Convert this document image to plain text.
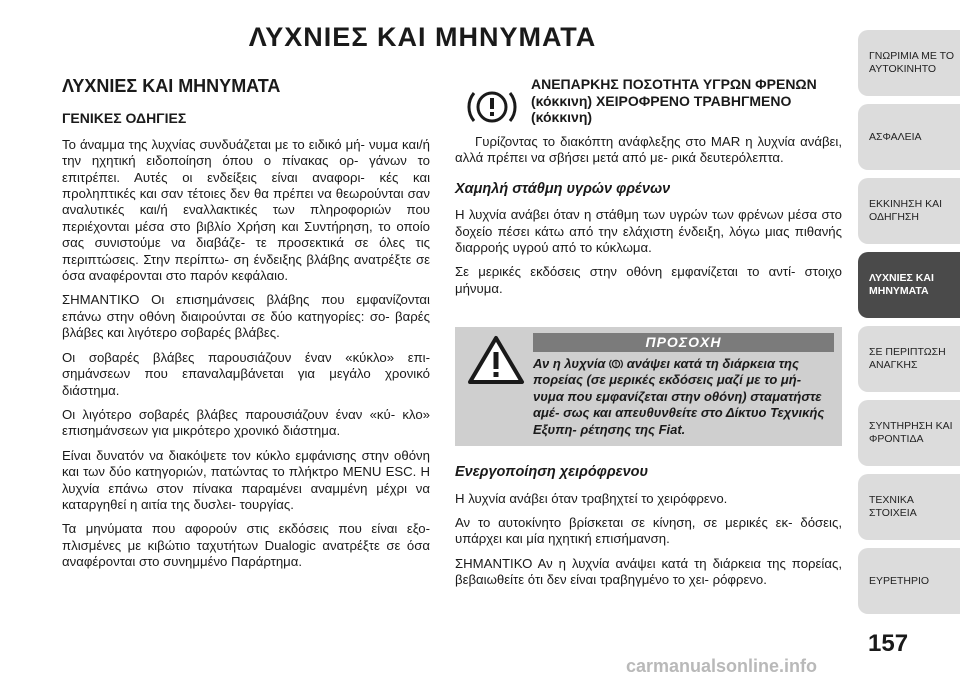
ΛΥΧΝΙΕΣ ΚΑΙ ΜΗΝΥΜΑΤΑ
ΛΥΧΝΙΕΣ ΚΑΙ ΜΗΝΥΜΑΤΑ
ΓΕΝΙΚΕΣ ΟΔΗΓΙΕΣ

Το άναμμα της λυχνίας συνδυάζεται με το ειδικό μή- νυμα και/ή την ηχητική ειδοποίηση όπου ο πίνακας ορ- γάνων το επιτρέπει. Αυτές οι ενδείξεις είναι αναφορι- κές και προληπτικές και σαν τέτοιες δεν θα πρέπει να θεωρούνται σαν αναλυτικές και/ή εναλλακτικές των πληροφοριών που περιέχονται μέσα στο βιβλίο Χρήση και Συντήρηση, το οποίο σας συνιστούμε να διαβάζε- τε προσεκτικά σε όλες τις περιπτώσεις. Στην περίπτω- ση ένδειξης βλάβης ανατρέξτε σε όσα αναφέρονται στο παρόν κεφάλαιο.

ΣΗΜΑΝΤΙΚΟ Οι επισημάνσεις βλάβης που εμφανίζονται επάνω στην οθόνη διαιρούνται σε δύο κατηγορίες: σο- βαρές βλάβες και λιγότερο σοβαρές βλάβες.

Οι σοβαρές βλάβες παρουσιάζουν έναν «κύκλο» επι- σημάνσεων που επαναλαμβάνεται για μεγάλο χρονικό διάστημα.

Οι λιγότερο σοβαρές βλάβες παρουσιάζουν έναν «κύ- κλο» επισημάνσεων για μικρότερο χρονικό διάστημα.

Είναι δυνατόν να διακόψετε τον κύκλο εμφάνισης στην οθόνη και των δύο κατηγοριών, πατώντας το πλήκτρο MENU ESC. Η λυχνία επάνω στον πίνακα παραμένει αναμμένη μέχρι να καταργηθεί η αιτία της δυσλει- τουργίας.

Τα μηνύματα που αφορούν στις εκδόσεις που είναι εξο- πλισμένες με κιβώτιο ταχυτήτων Dualogic ανατρέξτε σε όσα αναφέρονται στο συνημμένο Παράρτημα.

ΑΝΕΠΑΡΚΗΣ ΠΟΣΟΤΗΤΑ ΥΓΡΩΝ ΦΡΕΝΩΝ (κόκκινη) ΧΕΙΡΟΦΡΕΝΟ ΤΡΑΒΗΓΜΕΝΟ (κόκκινη)

Γυρίζοντας το διακόπτη ανάφλεξης στο MAR η λυχνία ανάβει, αλλά πρέπει να σβήσει μετά από με- ρικά δευτερόλεπτα.

Χαμηλή στάθμη υγρών φρένων

Η λυχνία ανάβει όταν η στάθμη των υγρών των φρένων μέσα στο δοχείο πέσει κάτω από την ελάχιστη ένδειξη, λόγω μιας πιθανής διαρροής υγρού από το κύκλωμα.

Σε μερικές εκδόσεις στην οθόνη εμφανίζεται το αντί- στοιχο μήνυμα.

ΠΡΟΣΟΧΗ
Αν η λυχνία ανάψει κατά τη διάρκεια της πορείας (σε μερικές εκδόσεις μαζί με το μή- νυμα που εμφανίζεται στην οθόνη) σταματήστε αμέ- σως και απευθυνθείτε στο Δίκτυο Τεχνικής Εξυπη- ρέτησης της Fiat.
Ενεργοποίηση χειρόφρενου

Η λυχνία ανάβει όταν τραβηχτεί το χειρόφρενο.

Αν το αυτοκίνητο βρίσκεται σε κίνηση, σε μερικές εκ- δόσεις, υπάρχει και μία ηχητική επισήμανση.

ΣΗΜΑΝΤΙΚΟ Αν η λυχνία ανάψει κατά τη διάρκεια της πορείας, βεβαιωθείτε ότι δεν είναι τραβηγμένο το χει- ρόφρενο.

ΓΝΩΡΙΜΙΑ ΜΕ ΤΟ
ΑΥΤΟΚΙΝΗΤΟ
ΑΣΦΑΛΕΙΑ
ΕΚΚΙΝΗΣΗ ΚΑΙ
ΟΔΗΓΗΣΗ
ΛΥΧΝΙΕΣ ΚΑΙ
ΜΗΝΥΜΑΤΑ
ΣΕ ΠΕΡΙΠΤΩΣΗ
ΑΝΑΓΚΗΣ
ΣΥΝΤΗΡΗΣΗ ΚΑΙ
ΦΡΟΝΤΙΔΑ
ΤΕΧΝΙΚΑ ΣΤΟΙΧΕΙΑ
ΕΥΡΕΤΗΡΙΟ
157
carmanualsonline.info
